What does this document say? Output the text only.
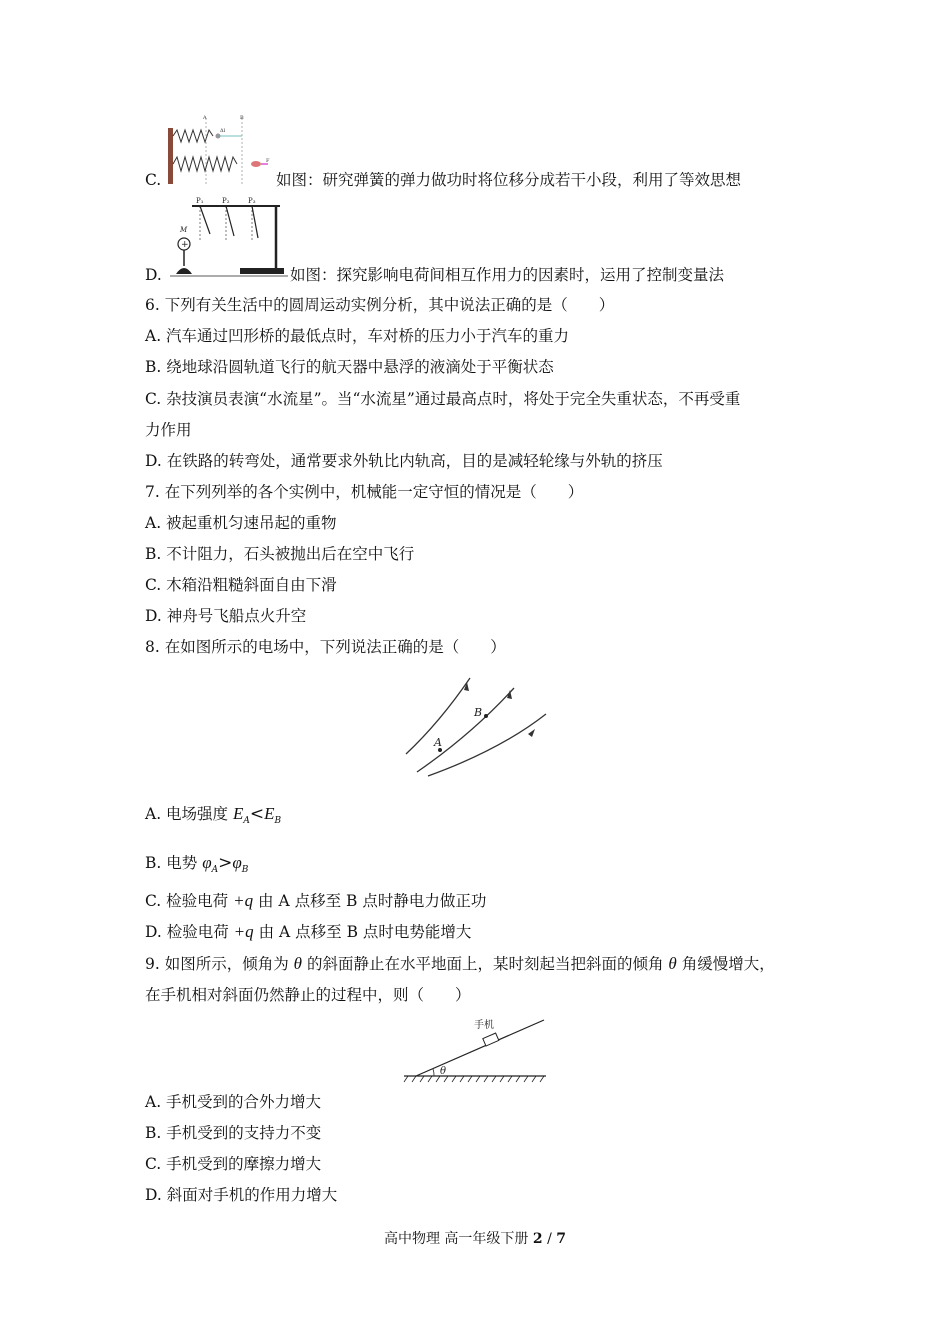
C.
A	B
Δl
F
如图：研究弹簧的弹力做功时将位移分成若干小段，利用了等效思想
D.
P₁	P₂	P₃
M
+
如图：探究影响电荷间相互作用力的因素时，运用了控制变量法
6. 下列有关生活中的圆周运动实例分析，其中说法正确的是（　　）
A. 汽车通过凹形桥的最低点时，车对桥的压力小于汽车的重力
B. 绕地球沿圆轨道飞行的航天器中悬浮的液滴处于平衡状态
C. 杂技演员表演“水流星”。当“水流星”通过最高点时，将处于完全失重状态，不再受重
力作用
D. 在铁路的转弯处，通常要求外轨比内轨高，目的是减轻轮缘与外轨的挤压
7. 在下列列举的各个实例中，机械能一定守恒的情况是（　　）
A. 被起重机匀速吊起的重物
B. 不计阻力，石头被抛出后在空中飞行
C. 木箱沿粗糙斜面自由下滑
D. 神舟号飞船点火升空
8. 在如图所示的电场中，下列说法正确的是（　　）
A
B
A. 电场强度 $E_A<E_B$
B. 电势 $\varphi_A>\varphi_B$
C. 检验电荷 +q 由 A 点移至 B 点时静电力做正功
D. 检验电荷 +q 由 A 点移至 B 点时电势能增大
9. 如图所示，倾角为 θ 的斜面静止在水平地面上，某时刻起当把斜面的倾角 θ 角缓慢增大，
在手机相对斜面仍然静止的过程中，则（　　）
θ
手机
A. 手机受到的合外力增大
B. 手机受到的支持力不变
C. 手机受到的摩擦力增大
D. 斜面对手机的作用力增大
高中物理 高一年级下册 2 / 7
